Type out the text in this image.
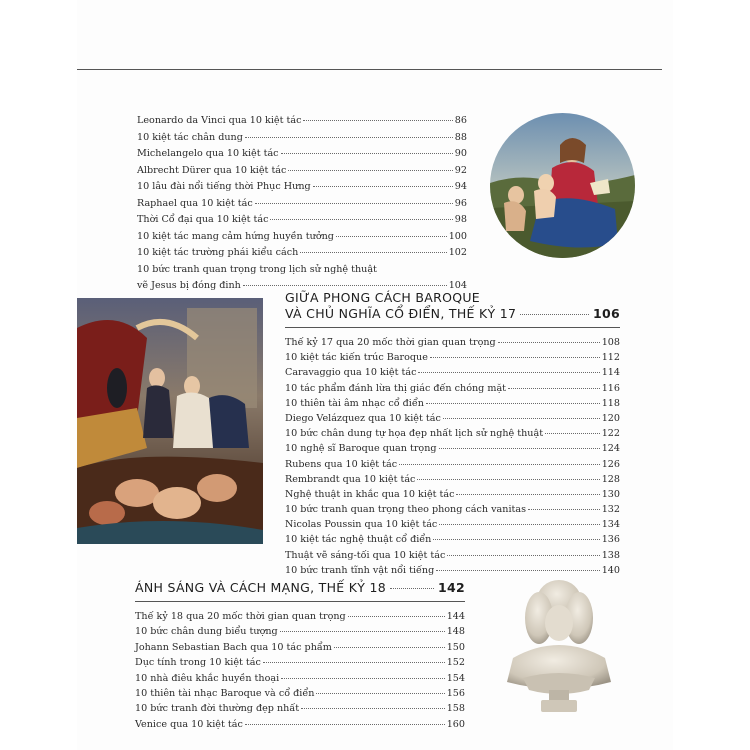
Leonardo da Vinci qua 10 kiệt tác	86
10 kiệt tác chân dung	88
Michelangelo qua 10 kiệt tác	90
Albrecht Dürer qua 10 kiệt tác	92
10 lâu đài nổi tiếng thời Phục Hưng	94
Raphael qua 10 kiệt tác	96
Thời Cổ đại qua 10 kiệt tác	98
10 kiệt tác mang cảm hứng huyền tưởng	100
10 kiệt tác trường phái kiểu cách	102
10 bức tranh quan trọng trong lịch sử nghệ thuật
vẽ Jesus bị đóng đinh	104
GIỮA PHONG CÁCH BAROQUE
VÀ CHỦ NGHĨA CỔ ĐIỂN, THẾ KỶ 17	106
Thế kỷ 17 qua 20 mốc thời gian quan trọng	108
10 kiệt tác kiến trúc Baroque	112
Caravaggio qua 10 kiệt tác	114
10 tác phẩm đánh lừa thị giác đến chóng mặt	116
10 thiên tài âm nhạc cổ điển	118
Diego Velázquez qua 10 kiệt tác	120
10 bức chân dung tự họa đẹp nhất lịch sử nghệ thuật	122
10 nghệ sĩ Baroque quan trọng	124
Rubens qua 10 kiệt tác	126
Rembrandt qua 10 kiệt tác	128
Nghệ thuật in khắc qua 10 kiệt tác	130
10 bức tranh quan trọng theo phong cách vanitas	132
Nicolas Poussin qua 10 kiệt tác	134
10 kiệt tác nghệ thuật cổ điển	136
Thuật vẽ sáng-tối qua 10 kiệt tác	138
10 bức tranh tĩnh vật nổi tiếng	140
ÁNH SÁNG VÀ CÁCH MẠNG, THẾ KỶ 18	142
Thế kỷ 18 qua 20 mốc thời gian quan trọng	144
10 bức chân dung biểu tượng	148
Johann Sebastian Bach qua 10 tác phẩm	150
Dục tính trong 10 kiệt tác	152
10 nhà điêu khắc huyền thoại	154
10 thiên tài nhạc Baroque và cổ điển	156
10 bức tranh đời thường đẹp nhất	158
Venice qua 10 kiệt tác	160
